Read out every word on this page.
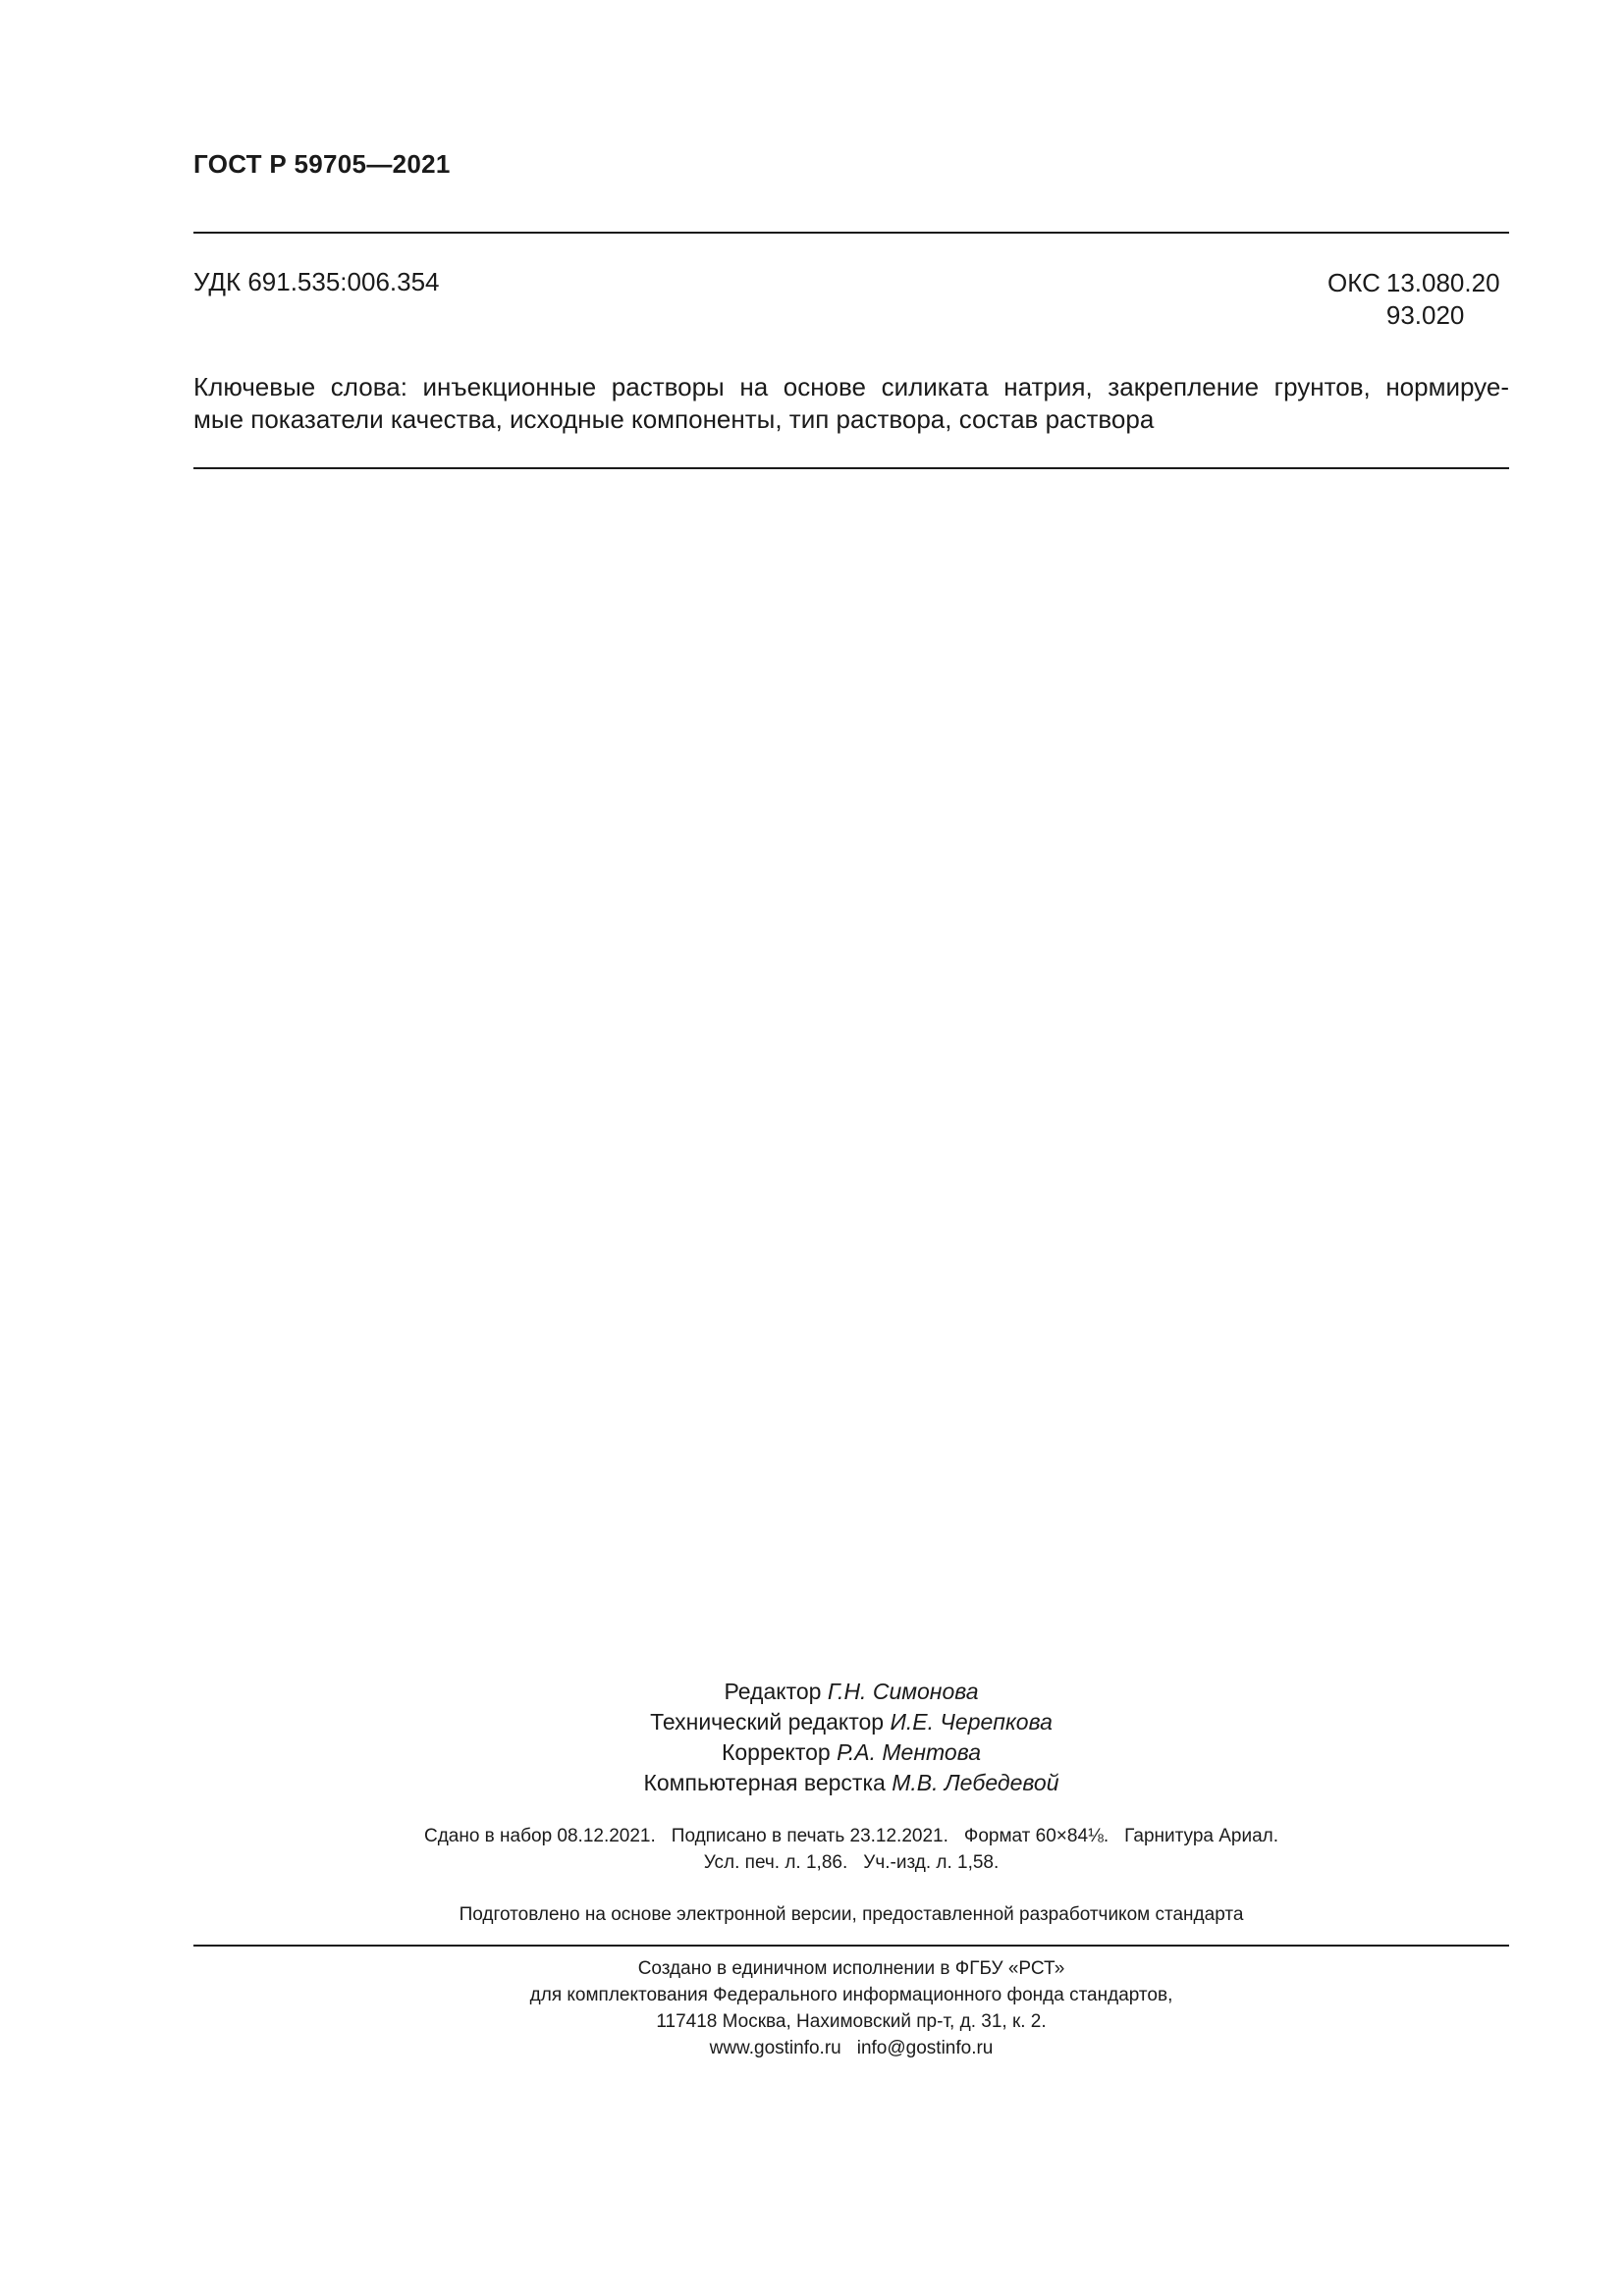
ГОСТ Р 59705—2021
УДК 691.535:006.354	ОКС 13.080.20
93.020
Ключевые слова: инъекционные растворы на основе силиката натрия, закрепление грунтов, нормируе-
мые показатели качества, исходные компоненты, тип раствора, состав раствора
Редактор Г.Н. Симонова
Технический редактор И.Е. Черепкова
Корректор Р.А. Ментова
Компьютерная верстка М.В. Лебедевой
Сдано в набор 08.12.2021. Подписано в печать 23.12.2021. Формат 60×84⅛. Гарнитура Ариал.
Усл. печ. л. 1,86. Уч.-изд. л. 1,58.
Подготовлено на основе электронной версии, предоставленной разработчиком стандарта
Создано в единичном исполнении в ФГБУ «РСТ»
для комплектования Федерального информационного фонда стандартов,
117418 Москва, Нахимовский пр-т, д. 31, к. 2.
www.gostinfo.ru info@gostinfo.ru
